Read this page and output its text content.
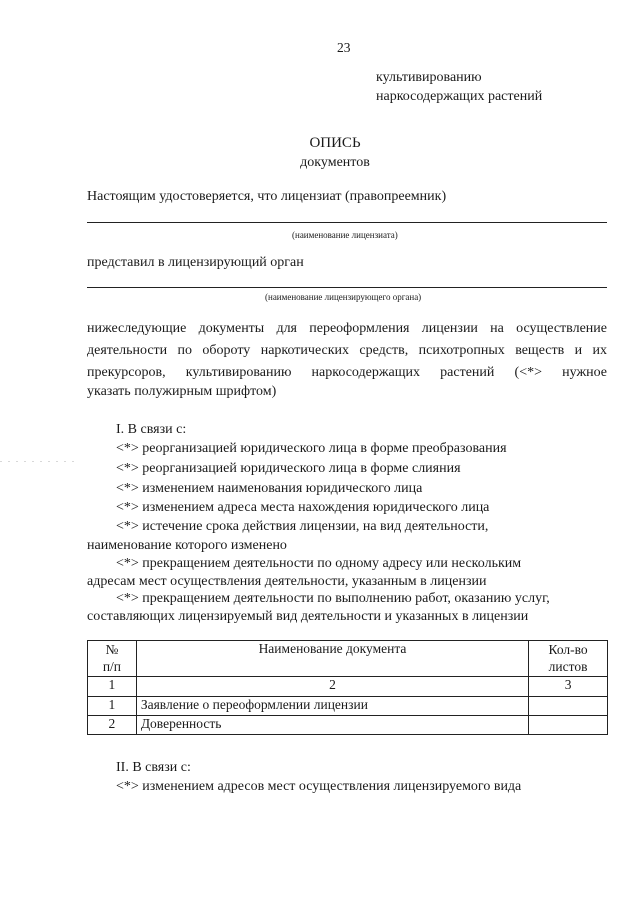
23
культивированию
наркосодержащих растений
ОПИСЬ
документов
Настоящим удостоверяется, что лицензиат (правопреемник)
(наименование лицензиата)
представил в лицензирующий орган
(наименование лицензирующего органа)
нижеследующие документы для переоформления лицензии на осуществление
деятельности по обороту наркотических средств, психотропных веществ и их
прекурсоров, культивированию наркосодержащих растений (<*> нужное
указать полужирным шрифтом)
. . . . . . . . . .
I. В связи с:
<*> реорганизацией юридического лица в форме преобразования
<*> реорганизацией юридического лица в форме слияния
<*> изменением наименования юридического лица
<*> изменением адреса места нахождения юридического лица
<*> истечение срока действия лицензии, на вид деятельности,
наименование которого изменено
<*> прекращением деятельности по одному адресу или нескольким
адресам мест осуществления деятельности, указанным в лицензии
<*> прекращением деятельности по выполнению работ, оказанию услуг,
составляющих лицензируемый вид деятельности и указанных в лицензии
№
п/п	Наименование документа	Кол-во
листов
1	2	3
1	Заявление о переоформлении лицензии	
2	Доверенность	
II. В связи с:
<*> изменением адресов мест осуществления лицензируемого вида
